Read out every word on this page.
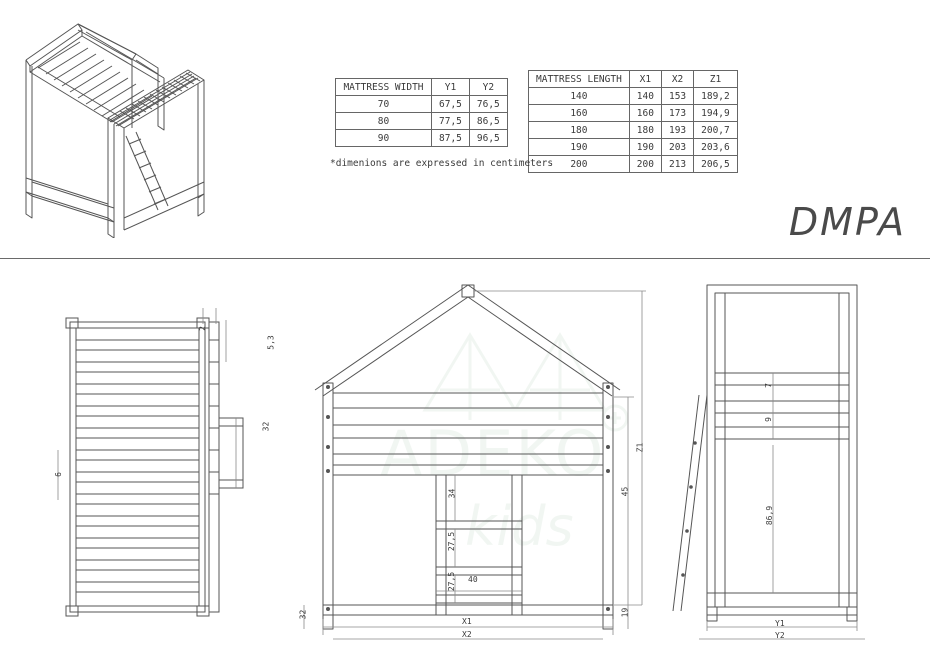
ADEKO
kids
MATTRESS WIDTH	Y1	Y2
70	67,5	76,5
80	77,5	86,5
90	87,5	96,5
MATTRESS LENGTH	X1	X2	Z1
140	140	153	189,2
160	160	173	194,9
180	180	193	200,7
190	190	203	203,6
200	200	213	206,5
*dimenions are expressed in centimeters
DMPA
2
5,3
32
6
34
27,5
27,5 40
45
Z1
19
32
X1
X2
7
9
86,9
Y1
Y2
